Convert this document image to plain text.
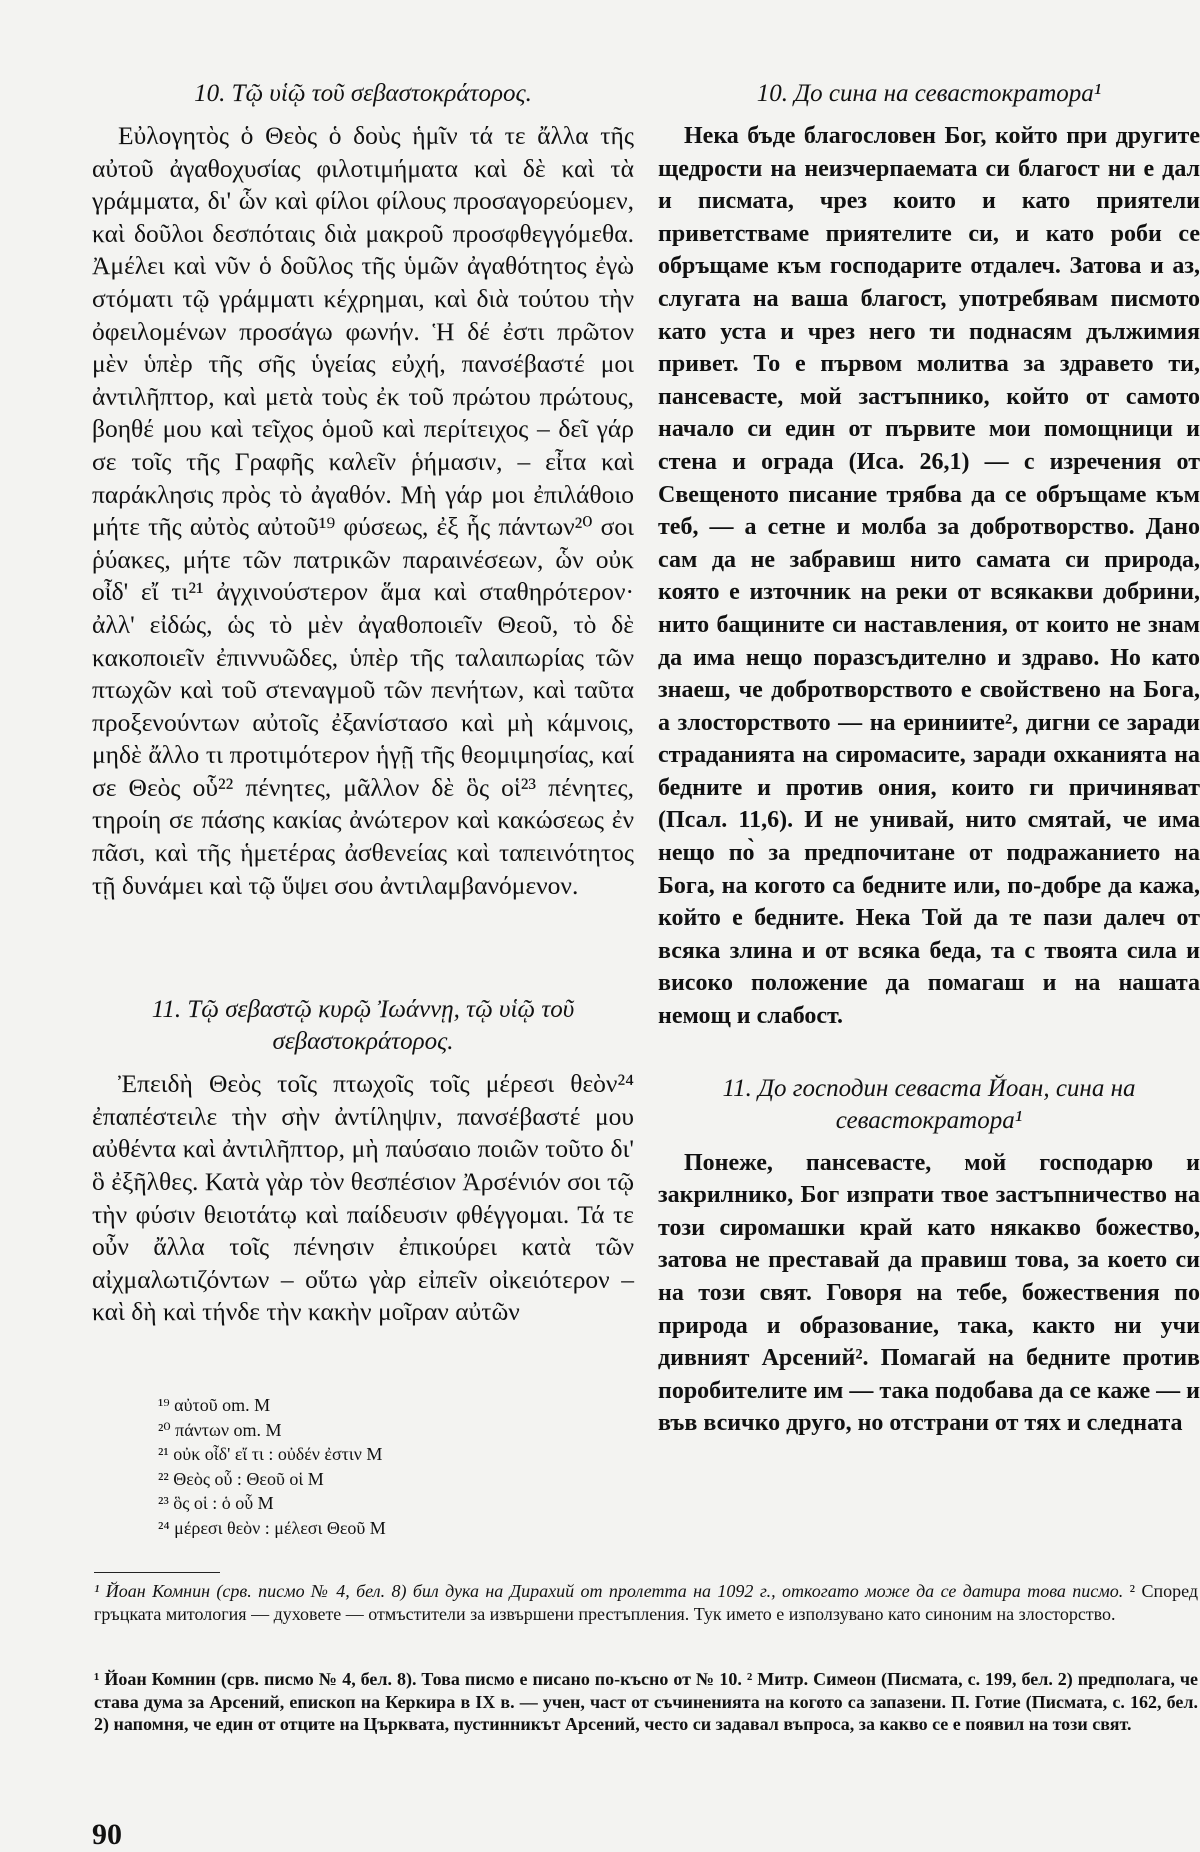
10. Τῷ υἱῷ τοῦ σεβαστοκράτορος.

Εὐλογητὸς ὁ Θεὸς ὁ δοὺς ἡμῖν τά τε ἄλλα τῆς αὐτοῦ ἀγαθοχυσίας φιλοτιμήματα καὶ δὲ καὶ τὰ γράμματα, δι' ὧν καὶ φίλοι φίλους προσαγορεύομεν, καὶ δοῦλοι δεσπόταις διὰ μακροῦ προσφθεγγόμεθα. Ἀμέλει καὶ νῦν ὁ δοῦλος τῆς ὑμῶν ἀγαθότητος ἐγὼ στόματι τῷ γράμματι κέχρημαι, καὶ διὰ τούτου τὴν ὀφειλομένων προσάγω φωνήν. Ἡ δέ ἐστι πρῶτον μὲν ὑπὲρ τῆς σῆς ὑγείας εὐχή, πανσέβαστέ μοι ἀντιλῆπτορ, καὶ μετὰ τοὺς ἐκ τοῦ πρώτου πρώτους, βοηθέ μου καὶ τεῖχος ὁμοῦ καὶ περίτειχος – δεῖ γάρ σε τοῖς τῆς Γραφῆς καλεῖν ῥήμασιν, – εἶτα καὶ παράκλησις πρὸς τὸ ἀγαθόν. Μὴ γάρ μοι ἐπιλάθοιο μήτε τῆς αὐτὸς αὐτοῦ¹⁹ φύσεως, ἐξ ἧς πάντων²⁰ σοι ῥύακες, μήτε τῶν πατρικῶν παραινέσεων, ὧν οὐκ οἶδ' εἴ τι²¹ ἀγχινούστερον ἅμα καὶ σταθηρότερον· ἀλλ' εἰδώς, ὡς τὸ μὲν ἀγαθοποιεῖν Θεοῦ, τὸ δὲ κακοποιεῖν ἐπιννυῶδες, ὑπὲρ τῆς ταλαιπωρίας τῶν πτωχῶν καὶ τοῦ στεναγμοῦ τῶν πενήτων, καὶ ταῦτα προξενούντων αὐτοῖς ἐξανίστασο καὶ μὴ κάμνοις, μηδὲ ἄλλο τι προτιμότερον ἡγῇ τῆς θεομιμησίας, καί σε Θεὸς οὗ²² πένητες, μᾶλλον δὲ ὃς οἱ²³ πένητες, τηροίη σε πάσης κακίας ἀνώτερον καὶ κακώσεως ἐν πᾶσι, καὶ τῆς ἡμετέρας ἀσθενείας καὶ ταπεινότητος τῇ δυνάμει καὶ τῷ ὕψει σου ἀντιλαμβανόμενον.

11. Τῷ σεβαστῷ κυρῷ Ἰωάννῃ, τῷ υἱῷ τοῦ σεβαστοκράτορος.

Ἐπειδὴ Θεὸς τοῖς πτωχοῖς τοῖς μέρεσι θεὸν²⁴ ἐπαπέστειλε τὴν σὴν ἀντίληψιν, πανσέβαστέ μου αὐθέντα καὶ ἀντιλῆπτορ, μὴ παύσαιο ποιῶν τοῦτο δι' ὃ ἐξῆλθες. Κατὰ γὰρ τὸν θεσπέσιον Ἀρσένιόν σοι τῷ τὴν φύσιν θειοτάτῳ καὶ παίδευσιν φθέγγομαι. Τά τε οὖν ἄλλα τοῖς πένησιν ἐπικούρει κατὰ τῶν αἰχμαλωτιζόντων – οὕτω γὰρ εἰπεῖν οἰκειότερον – καὶ δὴ καὶ τήνδε τὴν κακὴν μοῖραν αὐτῶν

¹⁹ αὐτοῦ om. M
²⁰ πάντων om. M
²¹ οὐκ οἶδ' εἴ τι : οὐδέν ἐστιν M
²² Θεὸς οὗ : Θεοῦ οἱ M
²³ ὃς οἱ : ὁ οὗ M
²⁴ μέρεσι θεὸν : μέλεσι Θεοῦ M
10. До сина на севастократора¹

Нека бъде благословен Бог, който при другите щедрости на неизчерпаемата си благост ни е дал и писмата, чрез които и като приятели приветстваме приятелите си, и като роби се обръщаме към господарите отдалеч. Затова и аз, слугата на ваша благост, употребявам писмото като уста и чрез него ти поднасям дължимия привет. То е първом молитва за здравето ти, пансевасте, мой застъпнико, който от самото начало си един от първите мои помощници и стена и ограда (Иса. 26,1) — с изречения от Свещеното писание трябва да се обръщаме към теб, — а сетне и молба за добротворство. Дано сам да не забравиш нито самата си природа, която е източник на реки от всякакви добрини, нито бащините си наставления, от които не знам да има нещо поразсъдително и здраво. Но като знаеш, че добротворството е свойствено на Бога, а злосторството — на ериниите², дигни се заради страданията на сиромасите, заради охканията на бедните и против ония, които ги причиняват (Псал. 11,6). И не унивай, нито смятай, че има нещо по̀ за предпочитане от подражанието на Бога, на когото са бедните или, по-добре да кажа, който е бедните. Нека Той да те пази далеч от всяка злина и от всяка беда, та с твоята сила и високо положение да помагаш и на нашата немощ и слабост.

11. До господин севаста Йоан, сина на севастократора¹

Понеже, пансевасте, мой господарю и закрилнико, Бог изпрати твое застъпничество на този сиромашки край като някакво божество, затова не преставай да правиш това, за което си на този свят. Говоря на тебе, божествения по природа и образование, така, както ни учи дивният Арсений². Помагай на бедните против поробителите им — така подобава да се каже — и във всичко друго, но отстрани от тях и следната

¹ Йоан Комнин (срв. писмо № 4, бел. 8) бил дука на Дирахий от пролетта на 1092 г., откогато може да се датира това писмо. ² Според гръцката митология — духовете — отмъстители за извършени престъпления. Тук името е използувано като синоним на злосторство.
¹ Йоан Комнин (срв. писмо № 4, бел. 8). Това писмо е писано по-късно от № 10. ² Митр. Симеон (Писмата, с. 199, бел. 2) предполага, че става дума за Арсений, епископ на Керкира в IX в. — учен, част от съчиненията на когото са запазени. П. Готие (Писмата, с. 162, бел. 2) напомня, че един от отците на Църквата, пустинникът Арсений, често си задавал въпроса, за какво се е появил на този свят.
90
